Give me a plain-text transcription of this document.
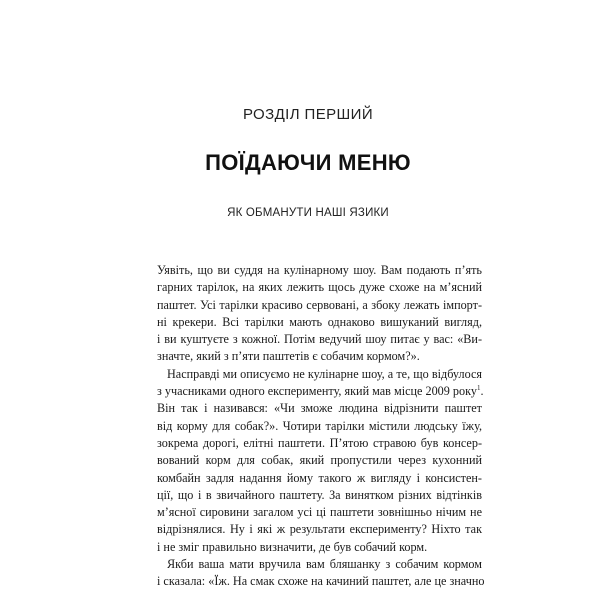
РОЗДІЛ ПЕРШИЙ
ПОЇДАЮЧИ МЕНЮ
ЯК ОБМАНУТИ НАШІ ЯЗИКИ
Уявіть, що ви суддя на кулінарному шоу. Вам подають п’ять
гарних тарілок, на яких лежить щось дуже схоже на м’ясний
паштет. Усі тарілки красиво сервовані, а збоку лежать імпорт-
ні крекери. Всі тарілки мають однаково вишуканий вигляд,
і ви куштуєте з кожної. Потім ведучий шоу питає у вас: «Ви-
значте, який з п’яти паштетів є собачим кормом?».
Насправді ми описуємо не кулінарне шоу, а те, що відбулося
з учасниками одного експерименту, який мав місце 2009 року$^1$.
Він так і називався: «Чи зможе людина відрізнити паштет
від корму для собак?». Чотири тарілки містили людську їжу,
зокрема дорогі, елітні паштети. П’ятою стравою був консер-
вований корм для собак, який пропустили через кухонний
комбайн задля надання йому такого ж вигляду і консистен-
ції, що і в звичайного паштету. За винятком різних відтінків
м’ясної сировини загалом усі ці паштети зовнішньо нічим не
відрізнялися. Ну і які ж результати експерименту? Ніхто так
і не зміг правильно визначити, де був собачий корм.
Якби ваша мати вручила вам бляшанку з собачим кормом
і сказала: «Їж. На смак схоже на качиний паштет, але це значно
